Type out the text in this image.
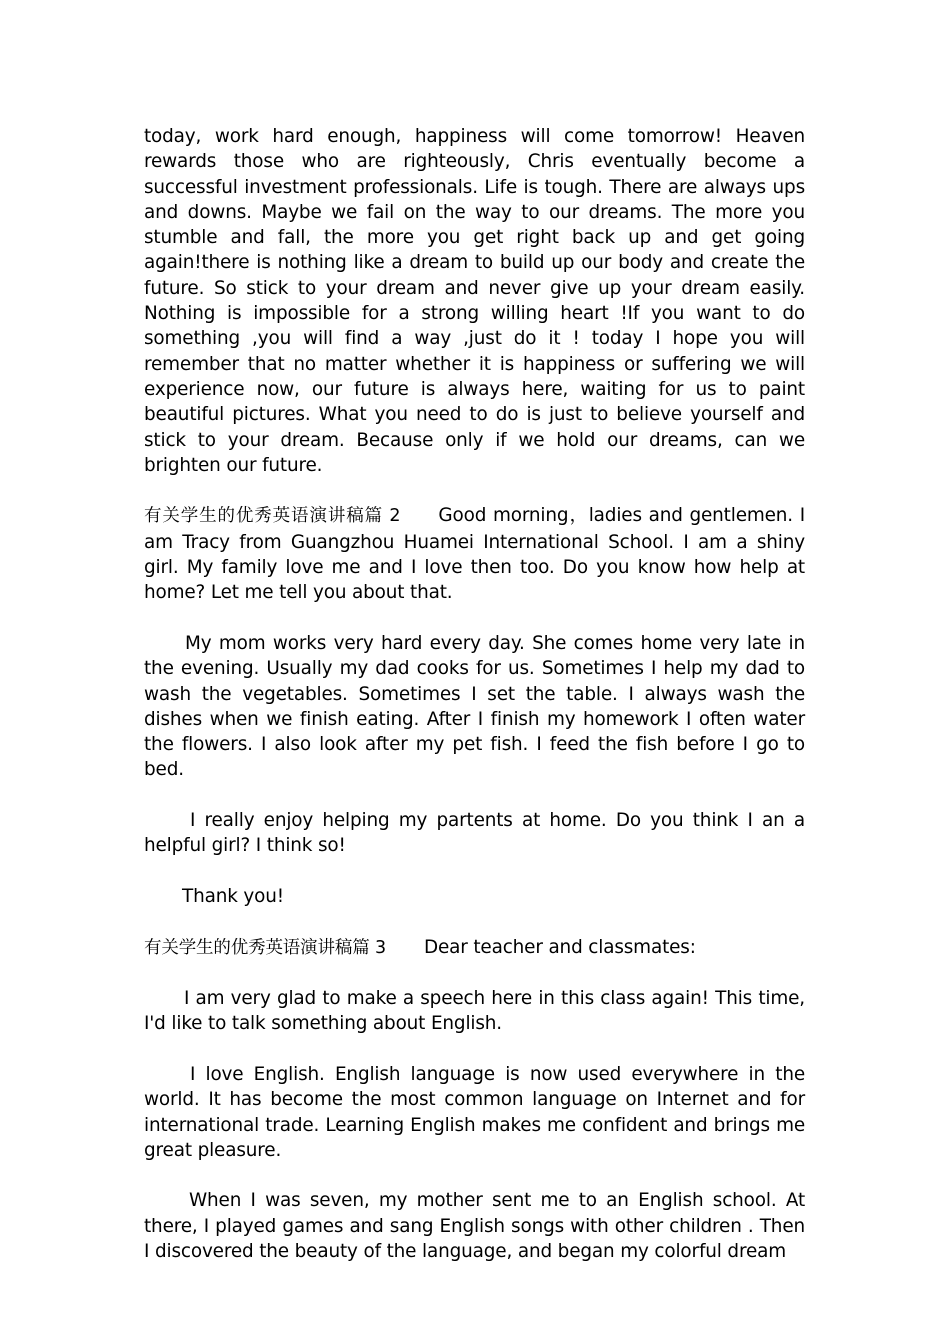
today, work hard enough, happiness will come tomorrow! Heaven rewards those who are righteously, Chris eventually become a successful investment professionals. Life is tough. There are always ups and downs. Maybe we fail on the way to our dreams. The more you stumble and fall, the more you get right back up and get going again!there is nothing like a dream to build up our body and create the future. So stick to your dream and never give up your dream easily. Nothing is impossible for a strong willing heart !If you want to do something ,you will find a way ,just do it ! today I hope you will remember that no matter whether it is happiness or suffering we will experience now, our future is always here, waiting for us to paint beautiful pictures. What you need to do is just to believe yourself and stick to your dream. Because only if we hold our dreams, can we brighten our future.

有关学生的优秀英语演讲稿篇 2 Good morning，ladies and gentlemen. I am Tracy from Guangzhou Huamei International School. I am a shiny girl. My family love me and I love then too. Do you know how help at home? Let me tell you about that.

My mom works very hard every day. She comes home very late in the evening. Usually my dad cooks for us. Sometimes I help my dad to wash the vegetables. Sometimes I set the table. I always wash the dishes when we finish eating. After I finish my homework I often water the flowers. I also look after my pet fish. I feed the fish before I go to bed.

I really enjoy helping my partents at home. Do you think I an a helpful girl? I think so!

Thank you!

有关学生的优秀英语演讲稿篇 3 Dear teacher and classmates:

I am very glad to make a speech here in this class again! This time, I'd like to talk something about English.

I love English. English language is now used everywhere in the world. It has become the most common language on Internet and for international trade. Learning English makes me confident and brings me great pleasure.

When I was seven, my mother sent me to an English school. At there, I played games and sang English songs with other children . Then I discovered the beauty of the language, and began my colorful dream
